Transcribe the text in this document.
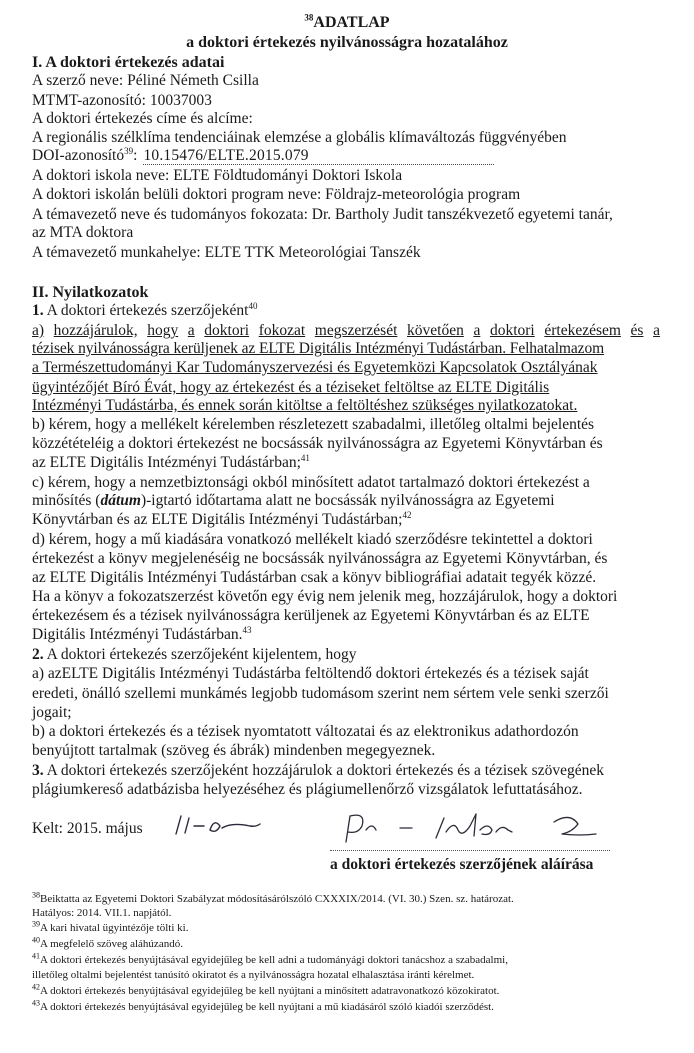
$^{38}$ADATLAP
a doktori értekezés nyilvánosságra hozatalához
I. A doktori értekezés adatai
A szerző neve: Péliné Németh Csilla
MTMT-azonosító: 10037003
A doktori értekezés címe és alcíme:
A regionális szélklíma tendenciáinak elemzése a globális klímaváltozás függvényében
DOI-azonosító$^{39}$: 10.15476/ELTE.2015.079
A doktori iskola neve: ELTE Földtudományi Doktori Iskola
A doktori iskolán belüli doktori program neve: Földrajz-meteorológia program
A témavezető neve és tudományos fokozata: Dr. Bartholy Judit tanszékvezető egyetemi tanár,
az MTA doktora
A témavezető munkahelye: ELTE TTK Meteorológiai Tanszék
II. Nyilatkozatok
1. A doktori értekezés szerzőjeként$^{40}$
a) hozzájárulok, hogy a doktori fokozat megszerzését követően a doktori értekezésem és a
tézisek nyilvánosságra kerüljenek az ELTE Digitális Intézményi Tudástárban. Felhatalmazom
a Természettudományi Kar Tudományszervezési és Egyetemközi Kapcsolatok Osztályának
ügyintézőjét Bíró Évát, hogy az értekezést és a téziseket feltöltse az ELTE Digitális
Intézményi Tudástárba, és ennek során kitöltse a feltöltéshez szükséges nyilatkozatokat.
b) kérem, hogy a mellékelt kérelemben részletezett szabadalmi, illetőleg oltalmi bejelentés
közzétételéig a doktori értekezést ne bocsássák nyilvánosságra az Egyetemi Könyvtárban és
az ELTE Digitális Intézményi Tudástárban;$^{41}$
c) kérem, hogy a nemzetbiztonsági okból minősített adatot tartalmazó doktori értekezést a
minősítés (dátum)-igtartó időtartama alatt ne bocsássák nyilvánosságra az Egyetemi
Könyvtárban és az ELTE Digitális Intézményi Tudástárban;$^{42}$
d) kérem, hogy a mű kiadására vonatkozó mellékelt kiadó szerződésre tekintettel a doktori
értekezést a könyv megjelenéséig ne bocsássák nyilvánosságra az Egyetemi Könyvtárban, és
az ELTE Digitális Intézményi Tudástárban csak a könyv bibliográfiai adatait tegyék közzé.
Ha a könyv a fokozatszerzést követőn egy évig nem jelenik meg, hozzájárulok, hogy a doktori
értekezésem és a tézisek nyilvánosságra kerüljenek az Egyetemi Könyvtárban és az ELTE
Digitális Intézményi Tudástárban.$^{43}$
2. A doktori értekezés szerzőjeként kijelentem, hogy
a) azELTE Digitális Intézményi Tudástárba feltöltendő doktori értekezés és a tézisek saját
eredeti, önálló szellemi munkámés legjobb tudomásom szerint nem sértem vele senki szerzői
jogait;
b) a doktori értekezés és a tézisek nyomtatott változatai és az elektronikus adathordozón
benyújtott tartalmak (szöveg és ábrák) mindenben megegyeznek.
3. A doktori értekezés szerzőjeként hozzájárulok a doktori értekezés és a tézisek szövegének
plágiumkereső adatbázisba helyezéséhez és plágiumellenőrző vizsgálatok lefuttatásához.
Kelt: 2015. május
a doktori értekezés szerzőjének aláírása
$^{38}$Beiktatta az Egyetemi Doktori Szabályzat módosításárólszóló CXXXIX/2014. (VI. 30.) Szen. sz. határozat.
Hatályos: 2014. VII.1. napjától.
$^{39}$A kari hivatal ügyintézője tölti ki.
$^{40}$A megfelelő szöveg aláhúzandó.
$^{41}$A doktori értekezés benyújtásával egyidejűleg be kell adni a tudományági doktori tanácshoz a szabadalmi,
illetőleg oltalmi bejelentést tanúsító okiratot és a nyilvánosságra hozatal elhalasztása iránti kérelmet.
$^{42}$A doktori értekezés benyújtásával egyidejűleg be kell nyújtani a minősített adatravonatkozó közokiratot.
$^{43}$A doktori értekezés benyújtásával egyidejűleg be kell nyújtani a mű kiadásáról szóló kiadói szerződést.
